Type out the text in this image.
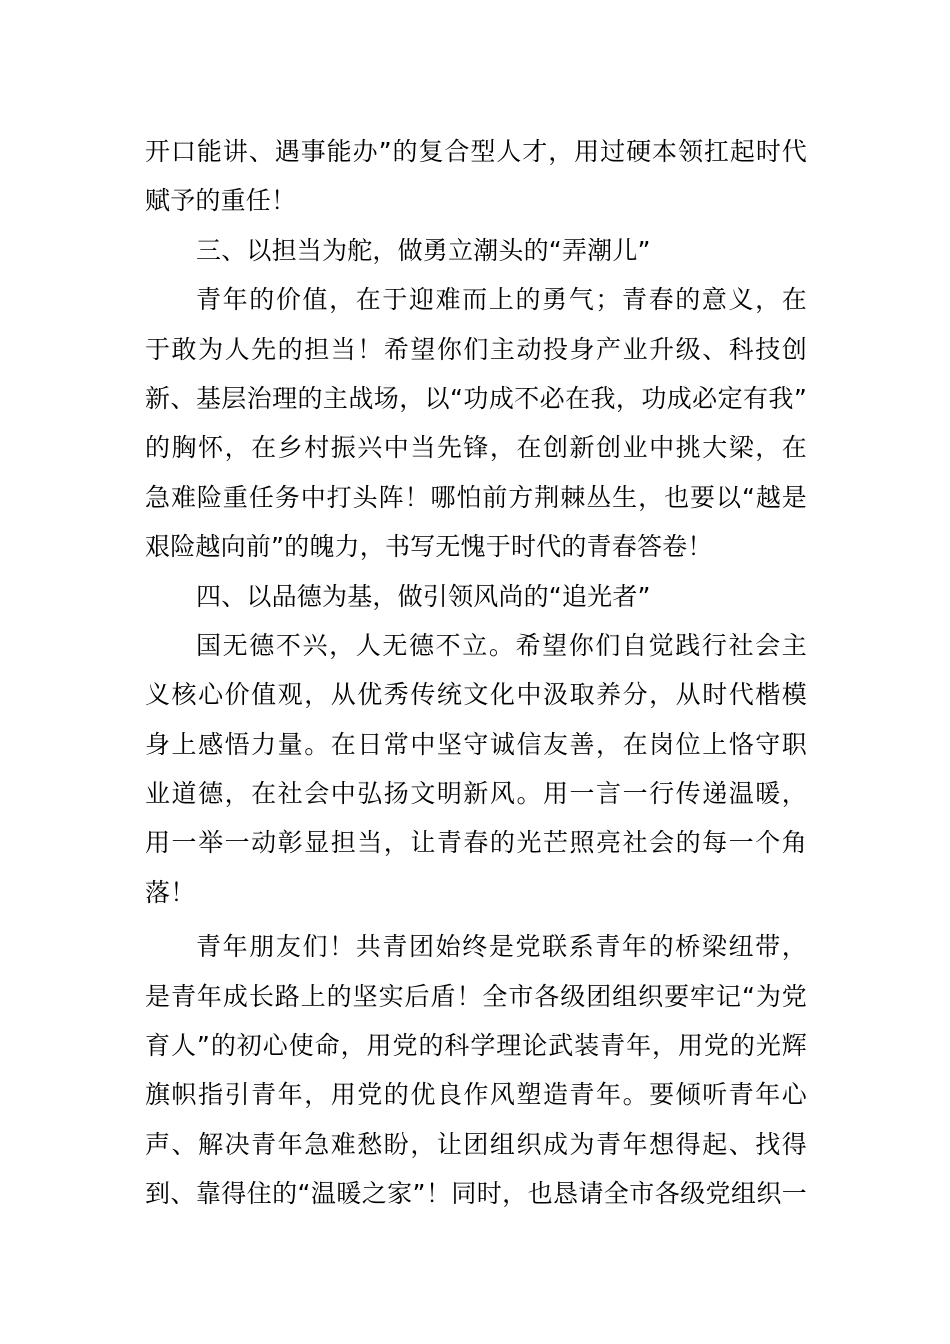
开口能讲、遇事能办”的复合型人才，用过硬本领扛起时代
赋予的重任！
三、以担当为舵，做勇立潮头的“弄潮儿”
青年的价值，在于迎难而上的勇气；青春的意义，在
于敢为人先的担当！希望你们主动投身产业升级、科技创
新、基层治理的主战场，以“功成不必在我，功成必定有我”
的胸怀，在乡村振兴中当先锋，在创新创业中挑大梁，在
急难险重任务中打头阵！哪怕前方荆棘丛生，也要以“越是
艰险越向前”的魄力，书写无愧于时代的青春答卷！
四、以品德为基，做引领风尚的“追光者”
国无德不兴，人无德不立。希望你们自觉践行社会主
义核心价值观，从优秀传统文化中汲取养分，从时代楷模
身上感悟力量。在日常中坚守诚信友善，在岗位上恪守职
业道德，在社会中弘扬文明新风。用一言一行传递温暖，
用一举一动彰显担当，让青春的光芒照亮社会的每一个角
落！
青年朋友们！共青团始终是党联系青年的桥梁纽带，
是青年成长路上的坚实后盾！全市各级团组织要牢记“为党
育人”的初心使命，用党的科学理论武装青年，用党的光辉
旗帜指引青年，用党的优良作风塑造青年。要倾听青年心
声、解决青年急难愁盼，让团组织成为青年想得起、找得
到、靠得住的“温暖之家”！同时，也恳请全市各级党组织一
